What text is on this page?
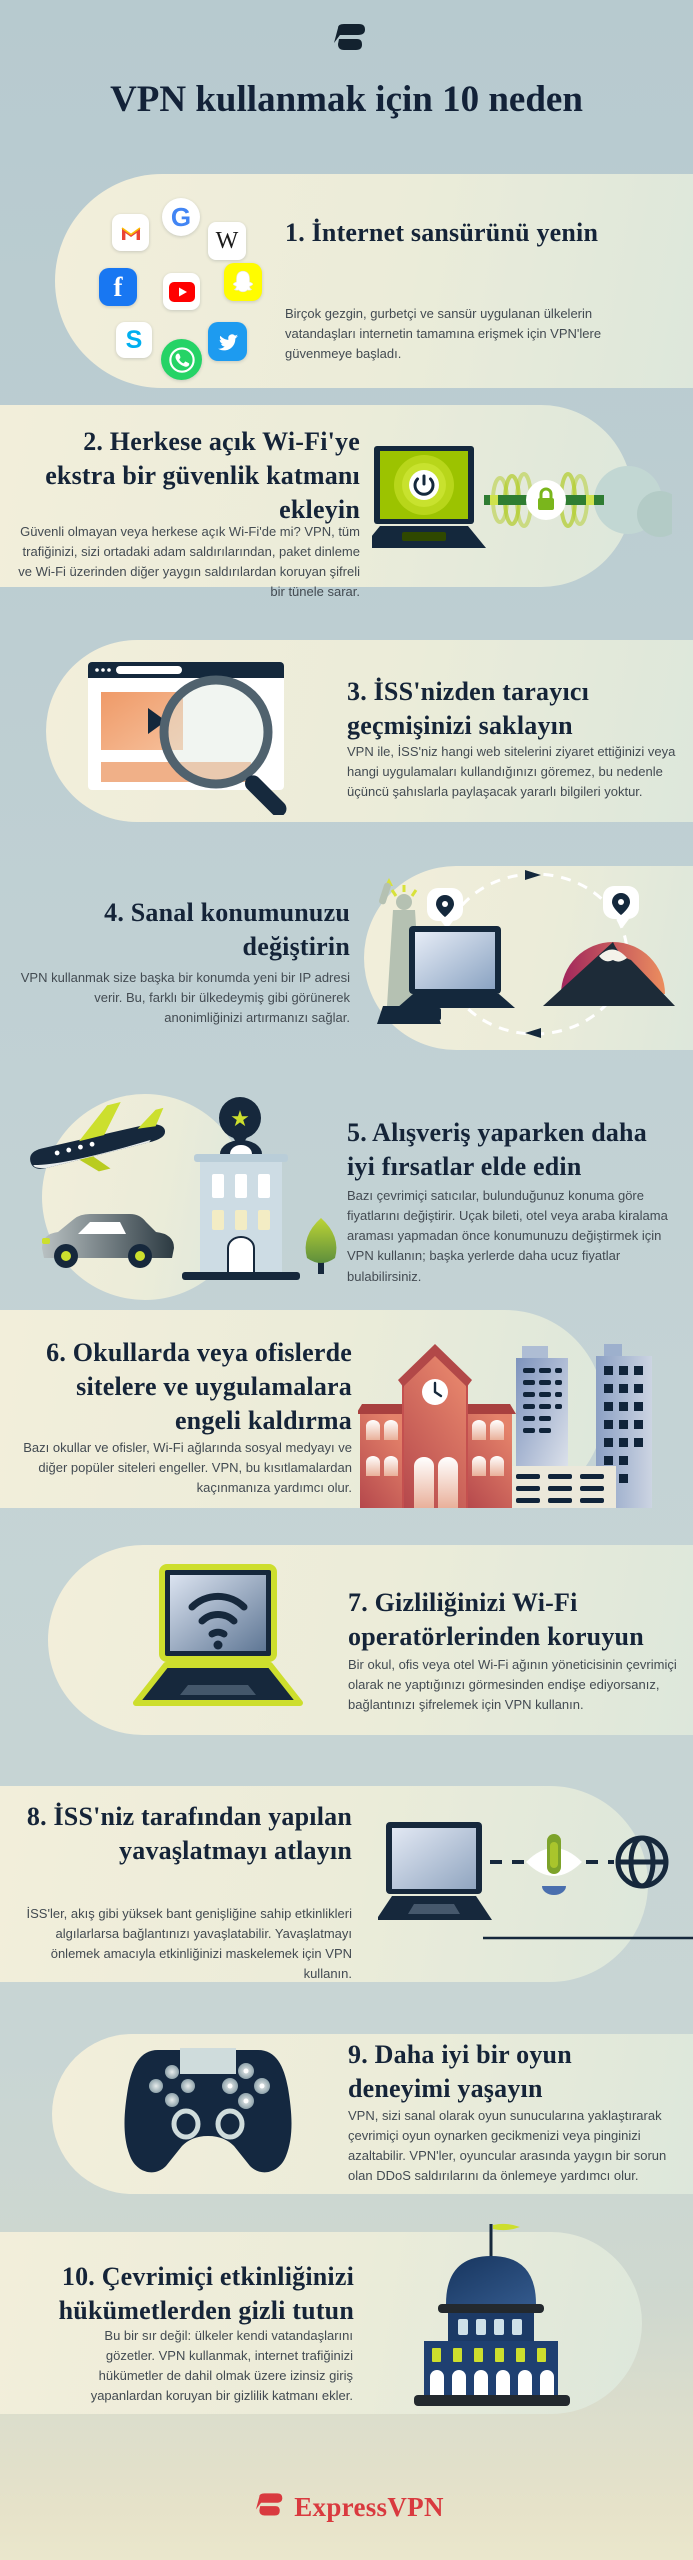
VPN kullanmak için 10 neden
1. İnternet sansürünü yenin
Birçok gezgin, gurbetçi ve sansür uygulanan ülkelerin vatandaşları internetin tamamına erişmek için VPN'lere güvenmeye başladı.
G
W
f
S
2. Herkese açık Wi-Fi'ye ekstra bir güvenlik katmanı ekleyin
Güvenli olmayan veya herkese açık Wi-Fi'de mi? VPN, tüm trafiğinizi, sizi ortadaki adam saldırılarından, paket dinleme ve Wi-Fi üzerinden diğer yaygın saldırılardan koruyan şifreli bir tünele sarar.
3. İSS'nizden tarayıcı geçmişinizi saklayın
VPN ile, İSS'niz hangi web sitelerini ziyaret ettiğinizi veya hangi uygulamaları kullandığınızı göremez, bu nedenle üçüncü şahıslarla paylaşacak yararlı bilgileri yoktur.
4. Sanal konumunuzu değiştirin
VPN kullanmak size başka bir konumda yeni bir IP adresi verir. Bu, farklı bir ülkedeymiş gibi görünerek anonimliğinizi artırmanızı sağlar.
5. Alışveriş yaparken daha iyi fırsatlar elde edin
Bazı çevrimiçi satıcılar, bulunduğunuz konuma göre fiyatlarını değiştirir. Uçak bileti, otel veya araba kiralama araması yapmadan önce konumunuzu değiştirmek için VPN kullanın; başka yerlerde daha ucuz fiyatlar bulabilirsiniz.
★
6. Okullarda veya ofislerde sitelere ve uygulamalara engeli kaldırma
Bazı okullar ve ofisler, Wi-Fi ağlarında sosyal medyayı ve diğer popüler siteleri engeller. VPN, bu kısıtlamalardan kaçınmanıza yardımcı olur.
7. Gizliliğinizi Wi-Fi operatörlerinden koruyun
Bir okul, ofis veya otel Wi-Fi ağının yöneticisinin çevrimiçi olarak ne yaptığınızı görmesinden endişe ediyorsanız, bağlantınızı şifrelemek için VPN kullanın.
8. İSS'niz tarafından yapılan yavaşlatmayı atlayın
İSS'ler, akış gibi yüksek bant genişliğine sahip etkinlikleri algılarlarsa bağlantınızı yavaşlatabilir. Yavaşlatmayı önlemek amacıyla etkinliğinizi maskelemek için VPN kullanın.
9. Daha iyi bir oyun deneyimi yaşayın
VPN, sizi sanal olarak oyun sunucularına yaklaştırarak çevrimiçi oyun oynarken gecikmenizi veya pinginizi azaltabilir. VPN'ler, oyuncular arasında yaygın bir sorun olan DDoS saldırılarını da önlemeye yardımcı olur.
10. Çevrimiçi etkinliğinizi hükümetlerden gizli tutun
Bu bir sır değil: ülkeler kendi vatandaşlarını gözetler. VPN kullanmak, internet trafiğinizi hükümetler de dahil olmak üzere izinsiz giriş yapanlardan koruyan bir gizlilik katmanı ekler.
ExpressVPN
